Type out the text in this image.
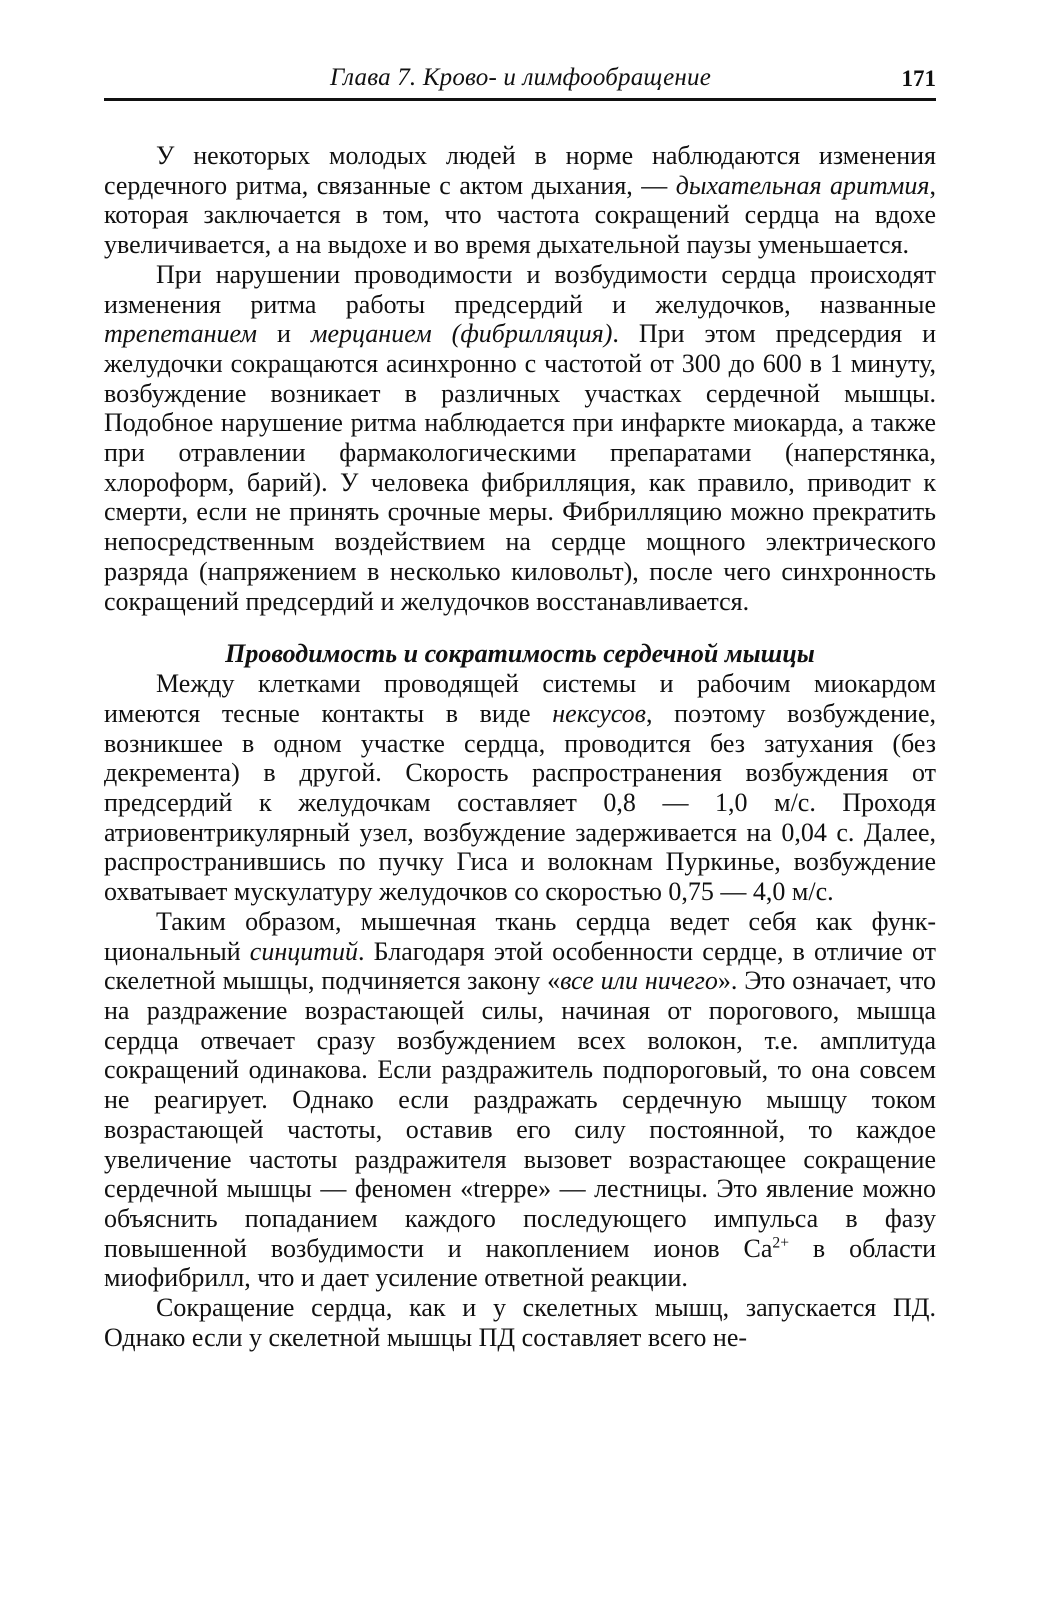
Глава 7. Крово- и лимфообращение	171

У некоторых молодых людей в норме наблюдаются изменения сердечного ритма, связанные с актом дыхания, — дыхательная аритмия, которая заключается в том, что частота сокращений сердца на вдохе увеличивается, а на выдохе и во время дыхательной паузы уменьшается.

При нарушении проводимости и возбудимости сердца происходят изменения ритма работы предсердий и желудочков, названные трепетанием и мерцанием (фибрилляция). При этом предсердия и желудочки сокращаются асинхронно с частотой от 300 до 600 в 1 минуту, возбуждение возникает в различных участках сердечной мышцы. Подобное нарушение ритма наблюдается при инфаркте миокарда, а также при отравлении фармакологическими препаратами (наперстянка, хлороформ, барий). У человека фибрилляция, как правило, приводит к смерти, если не принять срочные меры. Фибрилляцию можно прекратить непосредственным воздействием на сердце мощного электрического разряда (напряжением в несколько киловольт), после чего синхронность сокращений предсердий и желудочков восстанавливается.

Проводимость и сократимость сердечной мышцы

Между клетками проводящей системы и рабочим миокардом имеются тесные контакты в виде нексусов, поэтому возбуждение, возникшее в одном участке сердца, проводится без затухания (без декремента) в другой. Скорость распространения возбуждения от предсердий к желудочкам составляет 0,8 — 1,0 м/с. Проходя атриовентрикулярный узел, возбуждение задерживается на 0,04 с. Далее, распространившись по пучку Гиса и волокнам Пуркинье, возбуждение охватывает мускулатуру желудочков со скоростью 0,75 — 4,0 м/с.

Таким образом, мышечная ткань сердца ведет себя как функциональный синцитий. Благодаря этой особенности сердце, в отличие от скелетной мышцы, подчиняется закону «все или ничего». Это означает, что на раздражение возрастающей силы, начиная от порогового, мышца сердца отвечает сразу возбуждением всех волокон, т.е. амплитуда сокращений одинакова. Если раздражитель подпороговый, то она совсем не реагирует. Однако если раздражать сердечную мышцу током возрастающей частоты, оставив его силу постоянной, то каждое увеличение частоты раздражителя вызовет возрастающее сокращение сердечной мышцы — феномен «treppe» — лестницы. Это явление можно объяснить попаданием каждого последующего импульса в фазу повышенной возбудимости и накоплением ионов $Ca^{2+}$ в области миофибрилл, что и дает усиление ответной реакции.

Сокращение сердца, как и у скелетных мышц, запускается ПД. Однако если у скелетной мышцы ПД составляет всего не-
